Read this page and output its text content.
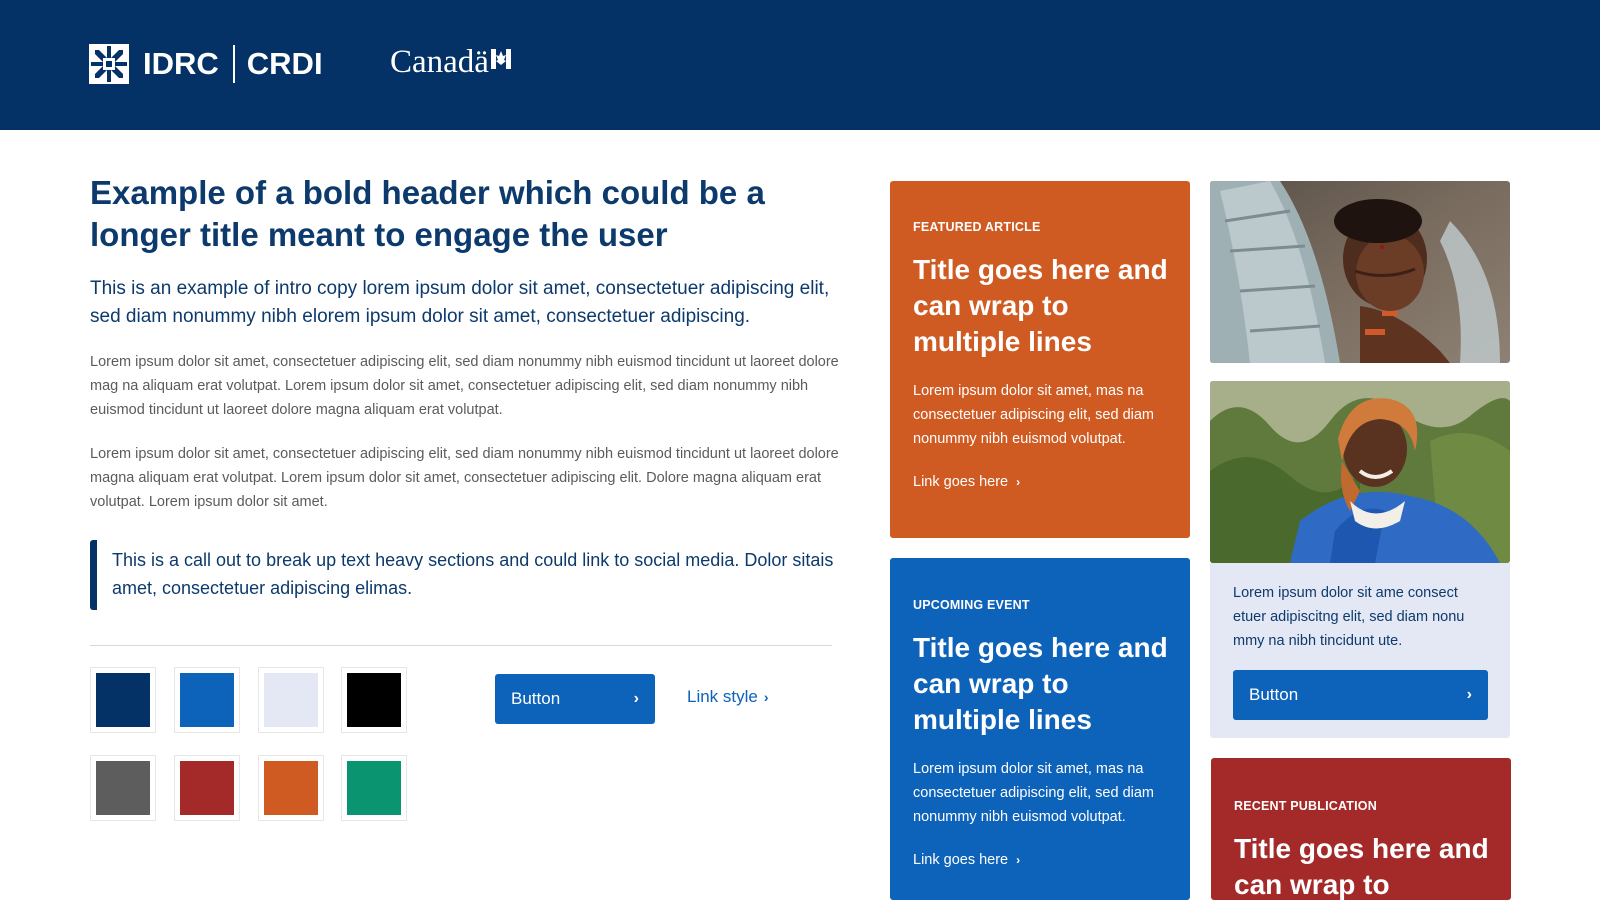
IDRC CRDI Canadä
Example of a bold header which could be a longer title meant to engage the user

This is an example of intro copy lorem ipsum dolor sit amet, consectetuer adipiscing elit, sed diam nonummy nibh elorem ipsum dolor sit amet, consectetuer adipiscing.

Lorem ipsum dolor sit amet, consectetuer adipiscing elit, sed diam nonummy nibh euismod tincidunt ut laoreet dolore mag na aliquam erat volutpat. Lorem ipsum dolor sit amet, consectetuer adipiscing elit, sed diam nonummy nibh euismod tincidunt ut laoreet dolore magna aliquam erat volutpat.

Lorem ipsum dolor sit amet, consectetuer adipiscing elit, sed diam nonummy nibh euismod tincidunt ut laoreet dolore magna aliquam erat volutpat. Lorem ipsum dolor sit amet, consectetuer adipiscing elit. Dolore magna aliquam erat volutpat. Lorem ipsum dolor sit amet.

This is a call out to break up text heavy sections and could link to social media. Dolor sitais amet, consectetuer adipiscing elimas.

Button	›	Link style ›
FEATURED ARTICLE
Title goes here and can wrap to multiple lines
Lorem ipsum dolor sit amet, mas na consectetuer adipiscing elit, sed diam nonummy nibh euismod volutpat.
Link goes here ›
UPCOMING EVENT
Title goes here and can wrap to multiple lines
Lorem ipsum dolor sit amet, mas na consectetuer adipiscing elit, sed diam nonummy nibh euismod volutpat.
Link goes here ›

Lorem ipsum dolor sit ame consect etuer adipiscitng elit, sed diam nonu mmy na nibh tincidunt ute.

Button	›
RECENT PUBLICATION
Title goes here and can wrap to
